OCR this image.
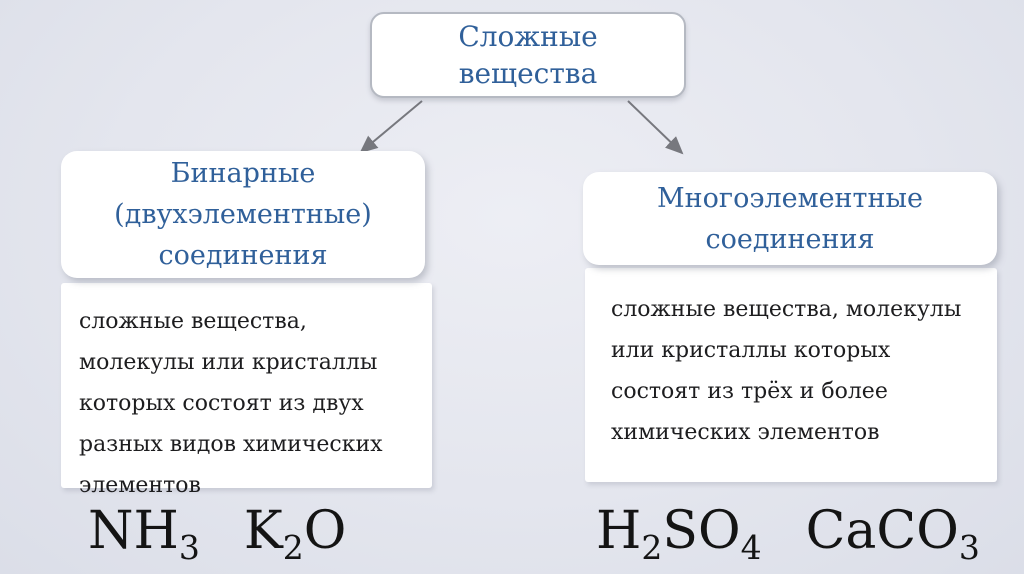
Сложные
вещества
Бинарные
(двухэлементные)
соединения
Многоэлементные
соединения
сложные вещества,
молекулы или кристаллы
которых состоят из двух
разных видов химических
элементов
сложные вещества, молекулы
или кристаллы которых
состоят из трёх и более
химических элементов
$NH_3$ $K_2O$	$H_2SO_4$ CaCO$_3$
